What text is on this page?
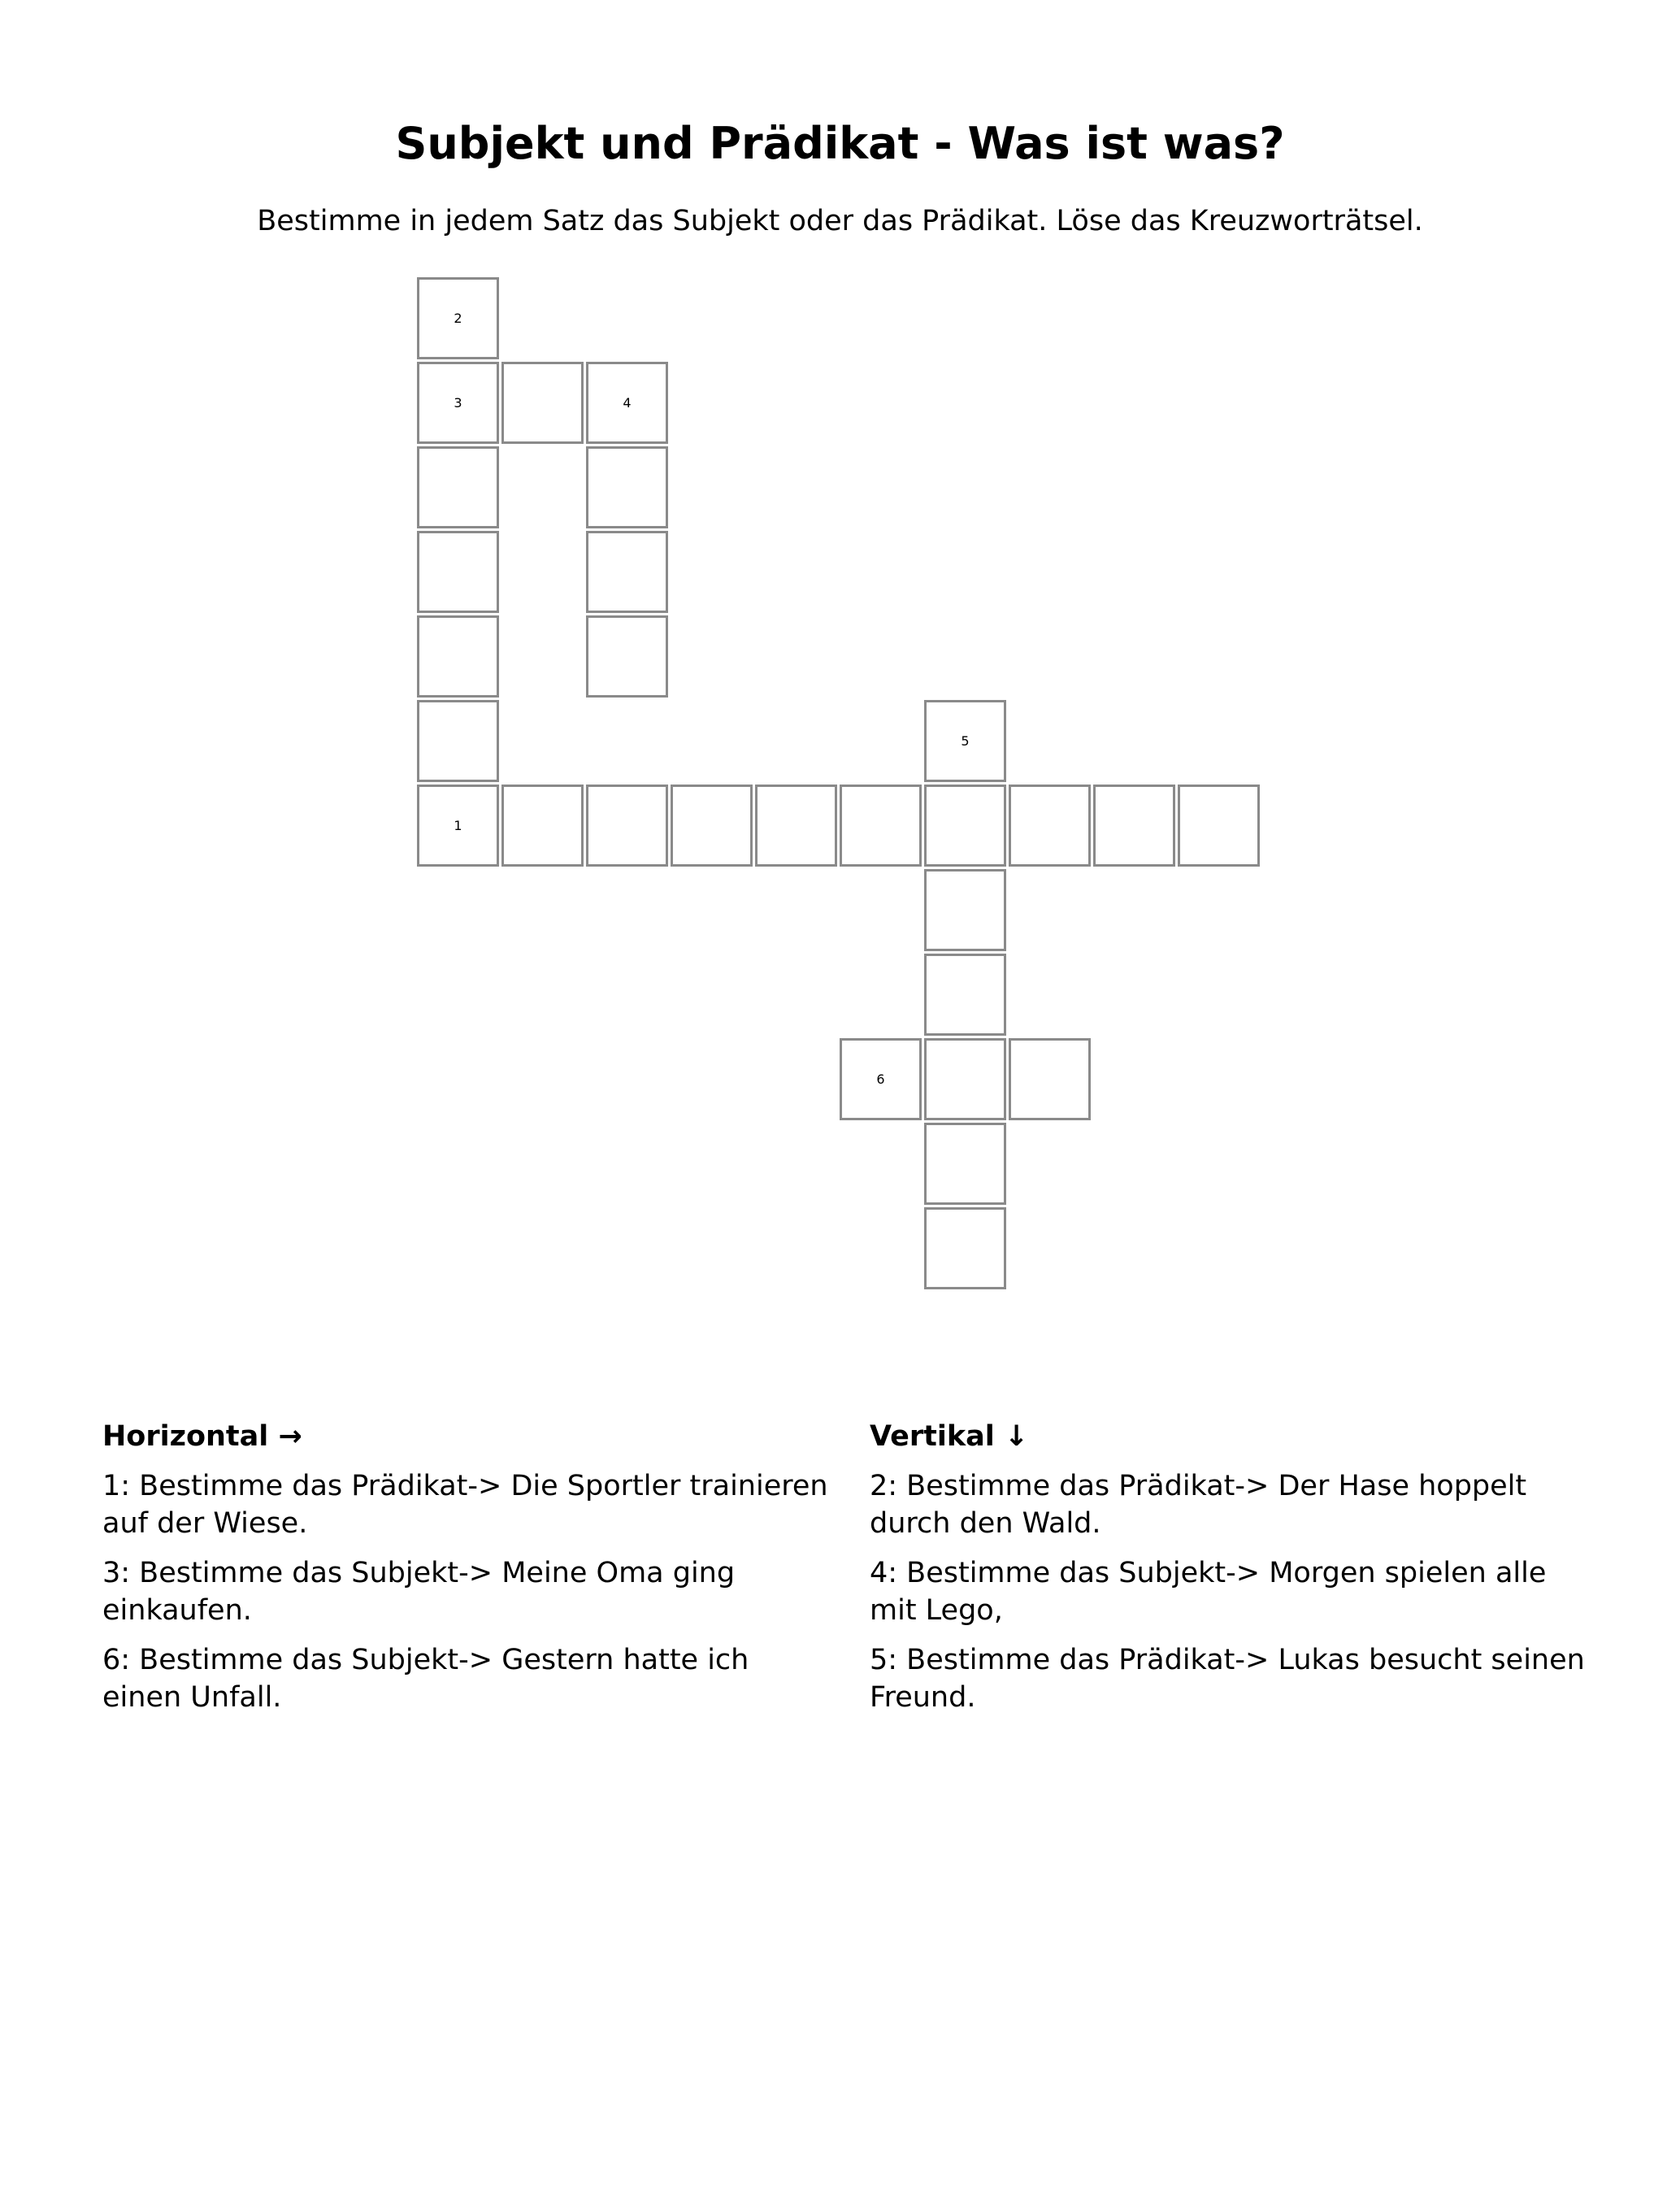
Subjekt und Prädikat - Was ist was?

Bestimme in jedem Satz das Subjekt oder das Prädikat. Löse das Kreuzworträtsel.

2
3
1
4
5
6

Horizontal →

1: Bestimme das Prädikat-> Die Sportler trainieren auf der Wiese.

3: Bestimme das Subjekt-> Meine Oma ging einkaufen.

6: Bestimme das Subjekt-> Gestern hatte ich einen Unfall.

Vertikal ↓

2: Bestimme das Prädikat-> Der Hase hoppelt durch den Wald.

4: Bestimme das Subjekt-> Morgen spielen alle mit Lego,

5: Bestimme das Prädikat-> Lukas besucht seinen Freund.
